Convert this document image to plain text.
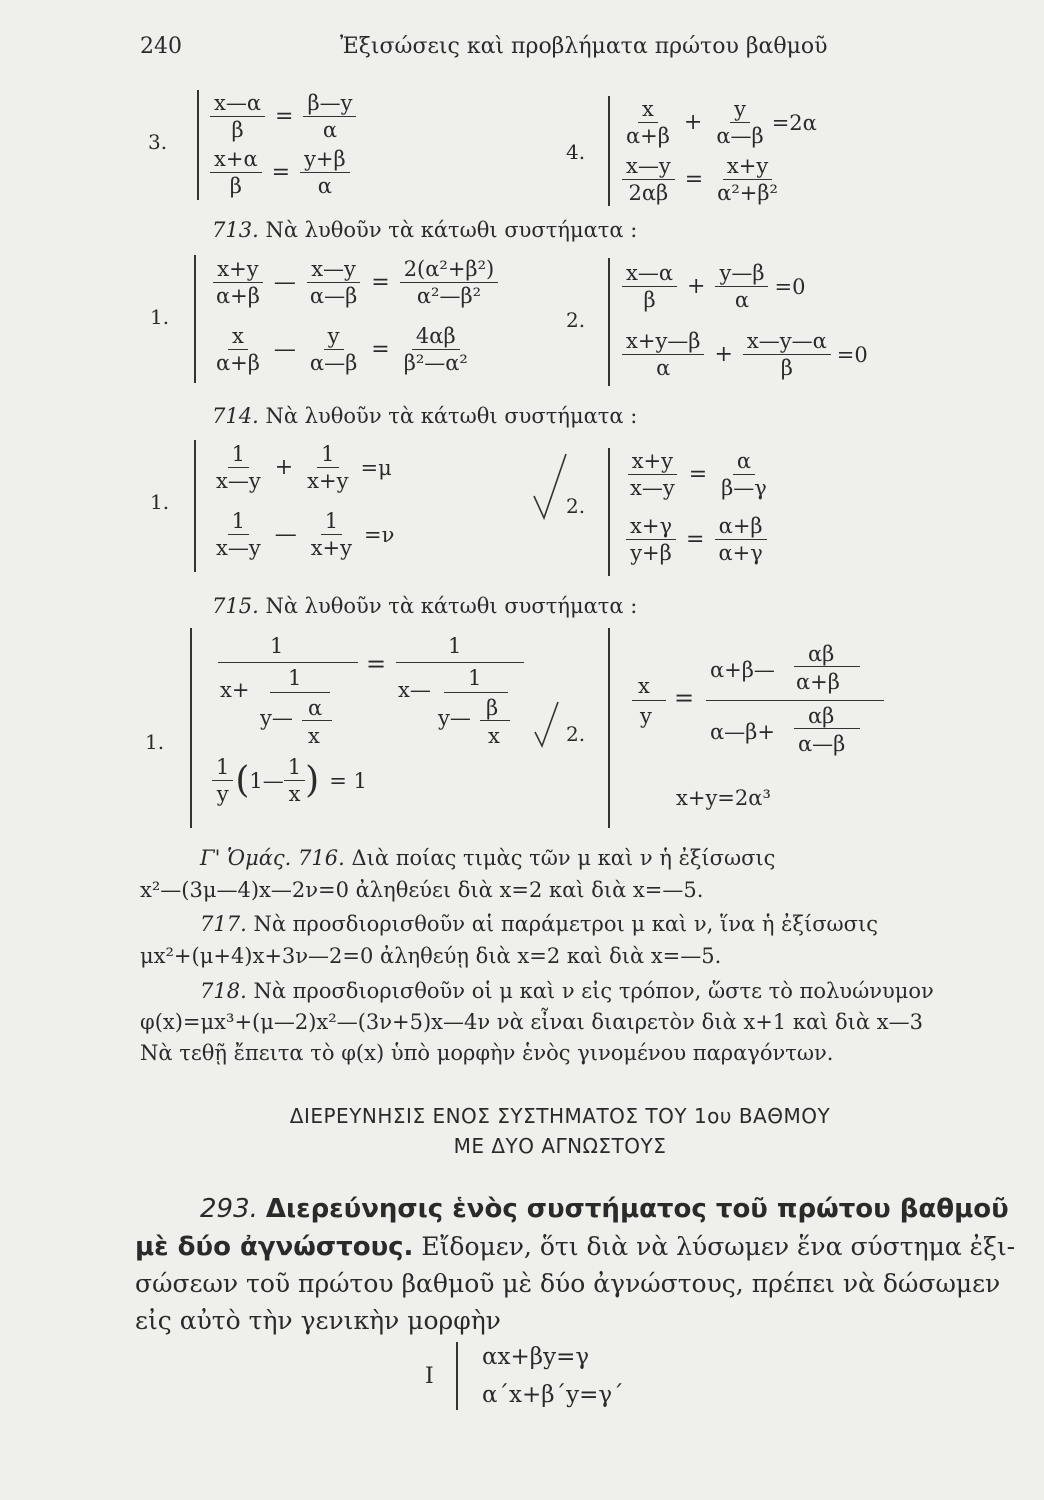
240	Ἐξισώσεις καὶ προβλήματα πρώτου βαθμοῦ
3.
$\frac{x—\alpha}{\beta} = \frac{\beta—y}{\alpha}$
$\frac{x+\alpha}{\beta} = \frac{y+\beta}{\alpha}$	4.
$\frac{x}{\alpha+\beta} + \frac{y}{\alpha—\beta} =2\alpha$
$\frac{x—y}{2\alpha\beta} = \frac{x+y}{\text{α²+β²}}$
713. Νὰ λυθοῦν τὰ κάτωθι συστήματα :
1.
$\frac{x+y}{\alpha+\beta}$ — $\frac{x—y}{\alpha—\beta} = \frac{\text{2(α²+β²)}}{\text{α²—β²}}$
$\frac{x}{\alpha+\beta}$ — $\frac{y}{\alpha—\beta} = \frac{4\alpha\beta}{\text{β²—α²}}$
2.
$\frac{x—\alpha}{\beta} + \frac{y—\beta}{\alpha} =0$
$\frac{x+y—\beta}{\alpha} + \frac{x—y—\alpha}{\beta} =0$
714. Νὰ λυθοῦν τὰ κάτωθι συστήματα :
1.
$\frac{1}{x—y} + \frac{1}{x+y} =\mu$
$\frac{1}{x—y}$ — $\frac{1}{x+y} =\nu$
2.
$\frac{x+y}{x—y} = \frac{\alpha}{\beta—\gamma}$
$\frac{x+\gamma}{y+\beta} = \frac{\alpha+\beta}{\alpha+\gamma}$
715. Νὰ λυθοῦν τὰ κάτωθι συστήματα :
1.
1
x+ 1
y— α
x
=
1
x— 1
y— β
x
$\frac{1}{y}$ ( 1— $\frac{1}{x}$ ) = 1
2.
x
y
=
α+β—
αβ
α+β
α—β+
αβ
α—β
x+y=2α³
Γ' Ὁμάς. 716. Διὰ ποίας τιμὰς τῶν μ καὶ ν ἡ ἐξίσωσις
x²—(3μ—4)x—2ν=0 ἀληθεύει διὰ x=2 καὶ διὰ x=—5.
717. Νὰ προσδιορισθοῦν αἱ παράμετροι μ καὶ ν, ἵνα ἡ ἐξίσωσις
μx²+(μ+4)x+3ν—2=0 ἀληθεύῃ διὰ x=2 καὶ διὰ x=—5.
718. Νὰ προσδιορισθοῦν οἱ μ καὶ ν εἰς τρόπον, ὥστε τὸ πολυώνυμον
φ(x)=μx³+(μ—2)x²—(3ν+5)x—4ν νὰ εἶναι διαιρετὸν διὰ x+1 καὶ διὰ x—3
Νὰ τεθῇ ἔπειτα τὸ φ(x) ὑπὸ μορφὴν ἑνὸς γινομένου παραγόντων.
ΔΙΕΡΕΥΝΗΣΙΣ ΕΝΟΣ ΣΥΣΤΗΜΑΤΟΣ ΤΟΥ 1ου ΒΑΘΜΟΥ
ΜΕ ΔΥΟ ΑΓΝΩΣΤΟΥΣ
293. Διερεύνησις ἑνὸς συστήματος τοῦ πρώτου βαθμοῦ
μὲ δύο ἀγνώστους. Εἴδομεν, ὅτι διὰ νὰ λύσωμεν ἕνα σύστημα ἐξι-
σώσεων τοῦ πρώτου βαθμοῦ μὲ δύο ἀγνώστους, πρέπει νὰ δώσωμεν
εἰς αὐτὸ τὴν γενικὴν μορφὴν
I
αx+βy=γ
α΄x+β΄y=γ΄
